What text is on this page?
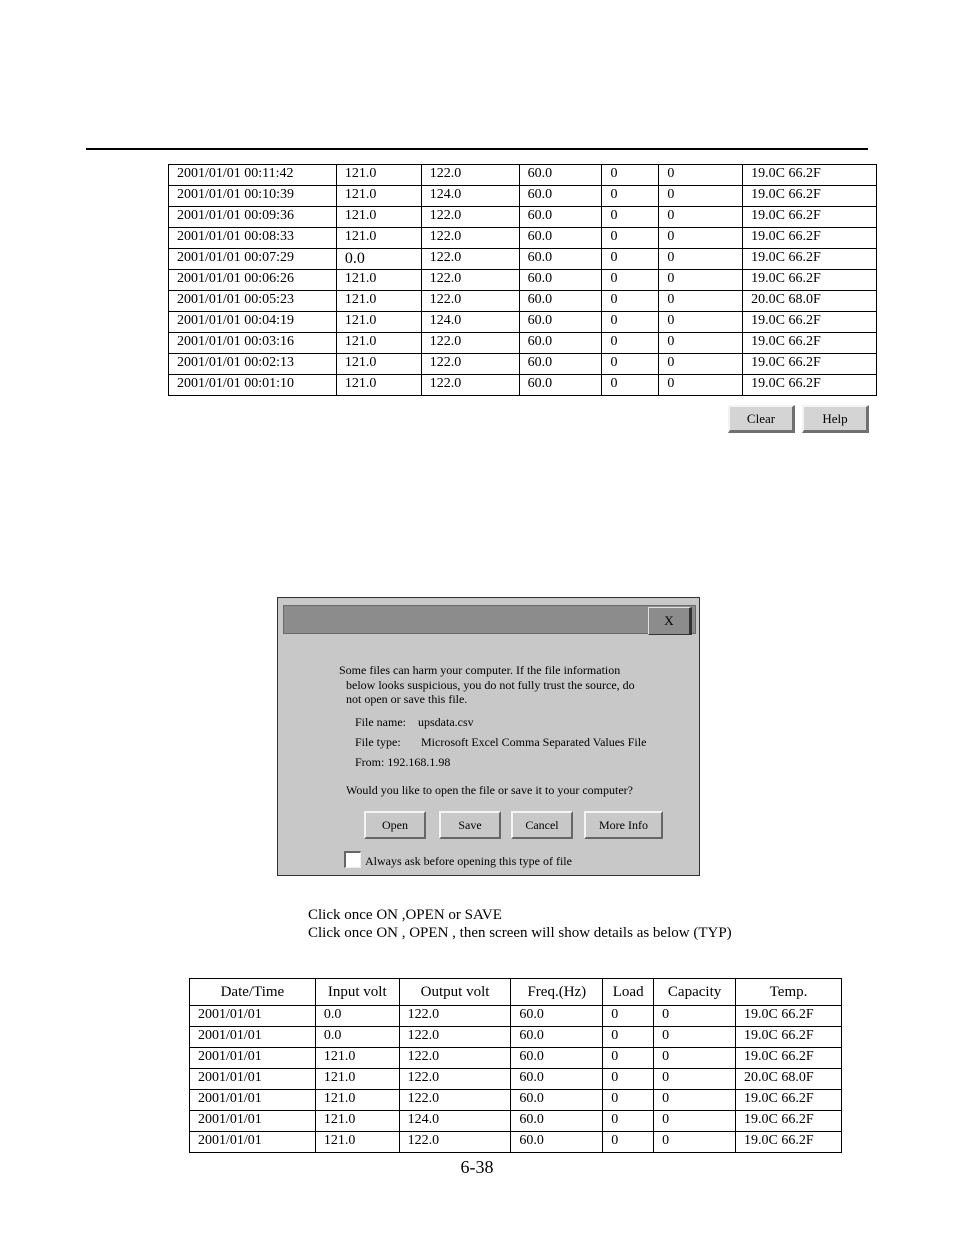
2001/01/01 00:11:42	121.0	122.0	60.0	0	0	19.0C 66.2F
2001/01/01 00:10:39	121.0	124.0	60.0	0	0	19.0C 66.2F
2001/01/01 00:09:36	121.0	122.0	60.0	0	0	19.0C 66.2F
2001/01/01 00:08:33	121.0	122.0	60.0	0	0	19.0C 66.2F
2001/01/01 00:07:29	0.0	122.0	60.0	0	0	19.0C 66.2F
2001/01/01 00:06:26	121.0	122.0	60.0	0	0	19.0C 66.2F
2001/01/01 00:05:23	121.0	122.0	60.0	0	0	20.0C 68.0F
2001/01/01 00:04:19	121.0	124.0	60.0	0	0	19.0C 66.2F
2001/01/01 00:03:16	121.0	122.0	60.0	0	0	19.0C 66.2F
2001/01/01 00:02:13	121.0	122.0	60.0	0	0	19.0C 66.2F
2001/01/01 00:01:10	121.0	122.0	60.0	0	0	19.0C 66.2F
Clear	Help
X
Some files can harm your computer. If the file information
below looks suspicious, you do not fully trust the source, do
not open or save this file.
File name: upsdata.csv
File type: Microsoft Excel Comma Separated Values File
From: 192.168.1.98
Would you like to open the file or save it to your computer?
Open	Save	Cancel	More Info
Always ask before opening this type of file
Click once ON ,OPEN or SAVE
Click once ON , OPEN , then screen will show details as below (TYP)
Date/Time	Input volt	Output volt	Freq.(Hz)	Load	Capacity	Temp.
2001/01/01	0.0	122.0	60.0	0	0	19.0C 66.2F
2001/01/01	0.0	122.0	60.0	0	0	19.0C 66.2F
2001/01/01	121.0	122.0	60.0	0	0	19.0C 66.2F
2001/01/01	121.0	122.0	60.0	0	0	20.0C 68.0F
2001/01/01	121.0	122.0	60.0	0	0	19.0C 66.2F
2001/01/01	121.0	124.0	60.0	0	0	19.0C 66.2F
2001/01/01	121.0	122.0	60.0	0	0	19.0C 66.2F
6-38
